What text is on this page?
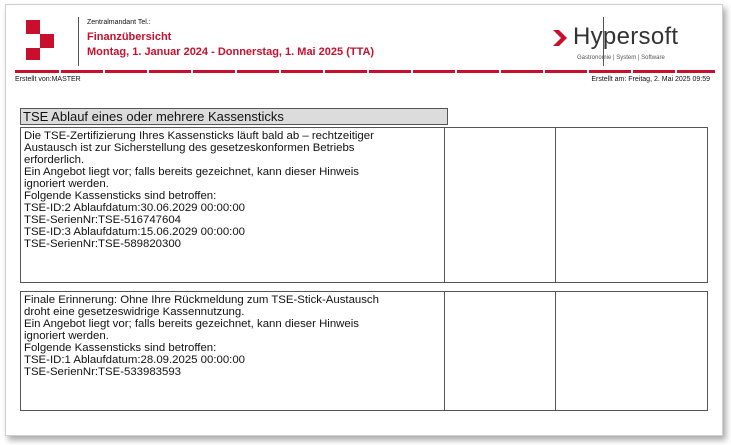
Zentralmandant Tel.:
Finanzübersicht
Montag, 1. Januar 2024 - Donnerstag, 1. Mai 2025 (TTA)
Hypersoft
Gastronomie | System | Software
Erstellt von:MASTER	Erstellt am: Freitag, 2. Mai 2025 09:59
TSE Ablauf eines oder mehrere Kassensticks
Die TSE-Zertifizierung Ihres Kassensticks läuft bald ab – rechtzeitiger
Austausch ist zur Sicherstellung des gesetzeskonformen Betriebs
erforderlich.
Ein Angebot liegt vor; falls bereits gezeichnet, kann dieser Hinweis
ignoriert werden.
Folgende Kassensticks sind betroffen:
TSE-ID:2 Ablaufdatum:30.06.2029 00:00:00
TSE-SerienNr:TSE-516747604
TSE-ID:3 Ablaufdatum:15.06.2029 00:00:00
TSE-SerienNr:TSE-589820300
Finale Erinnerung: Ohne Ihre Rückmeldung zum TSE-Stick-Austausch
droht eine gesetzeswidrige Kassennutzung.
Ein Angebot liegt vor; falls bereits gezeichnet, kann dieser Hinweis
ignoriert werden.
Folgende Kassensticks sind betroffen:
TSE-ID:1 Ablaufdatum:28.09.2025 00:00:00
TSE-SerienNr:TSE-533983593
